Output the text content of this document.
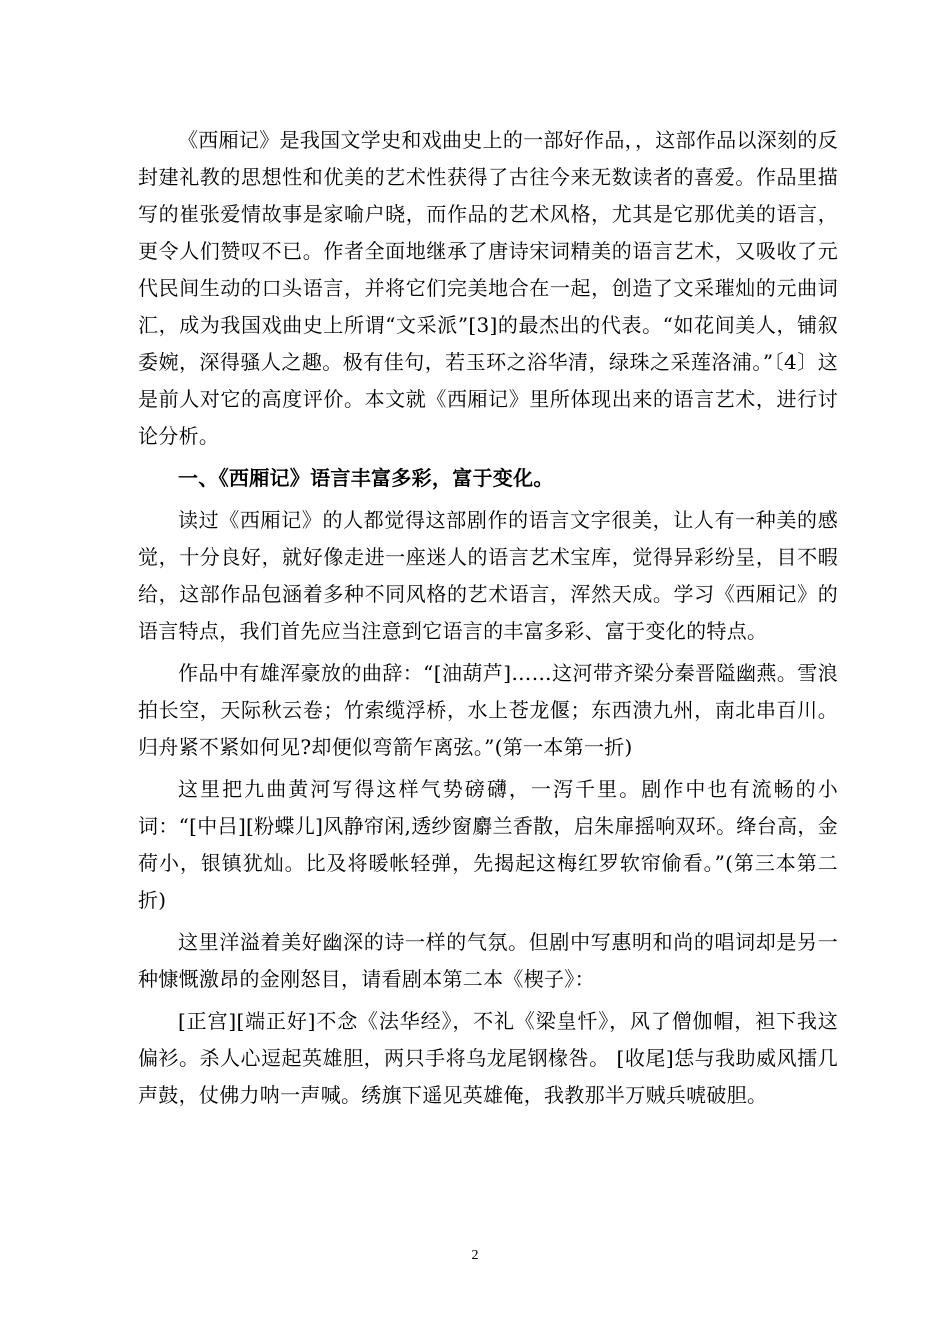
《西厢记》是我国文学史和戏曲史上的一部好作品，，这部作品以深刻的反封建礼教的思想性和优美的艺术性获得了古往今来无数读者的喜爱。作品里描写的崔张爱情故事是家喻户晓，而作品的艺术风格，尤其是它那优美的语言，更令人们赞叹不已。作者全面地继承了唐诗宋词精美的语言艺术，又吸收了元代民间生动的口头语言，并将它们完美地合在一起，创造了文采璀灿的元曲词汇，成为我国戏曲史上所谓“文采派”[3]的最杰出的代表。“如花间美人，铺叙委婉，深得骚人之趣。极有佳句，若玉环之浴华清，绿珠之采莲洛浦。”〔4〕这是前人对它的高度评价。本文就《西厢记》里所体现出来的语言艺术，进行讨论分析。

一、《西厢记》语言丰富多彩，富于变化。

读过《西厢记》的人都觉得这部剧作的语言文字很美，让人有一种美的感觉，十分良好，就好像走进一座迷人的语言艺术宝库，觉得异彩纷呈，目不暇给，这部作品包涵着多种不同风格的艺术语言，浑然天成。学习《西厢记》的语言特点，我们首先应当注意到它语言的丰富多彩、富于变化的特点。

作品中有雄浑豪放的曲辞：“[油葫芦]……这河带齐梁分秦晋隘幽燕。雪浪拍长空，天际秋云卷；竹索缆浮桥，水上苍龙偃；东西溃九州，南北串百川。归舟紧不紧如何见?却便似弯箭乍离弦。”(第一本第一折)

这里把九曲黄河写得这样气势磅礴，一泻千里。剧作中也有流畅的小词：“[中吕][粉蝶儿]风静帘闲,透纱窗麝兰香散，启朱扉摇响双环。绛台高，金荷小，银镇犹灿。比及将暖帐轻弹，先揭起这梅红罗软帘偷看。”(第三本第二折)

这里洋溢着美好幽深的诗一样的气氛。但剧中写惠明和尚的唱词却是另一种慷慨激昂的金刚怒目，请看剧本第二本《楔子》：

[正宫][端正好]不念《法华经》，不礼《梁皇忏》，风了僧伽帽，袒下我这偏衫。杀人心逗起英雄胆，两只手将乌龙尾钢椽咎。 [收尾]恁与我助威风擂几声鼓，仗佛力呐一声喊。绣旗下遥见英雄俺，我教那半万贼兵唬破胆。

2
